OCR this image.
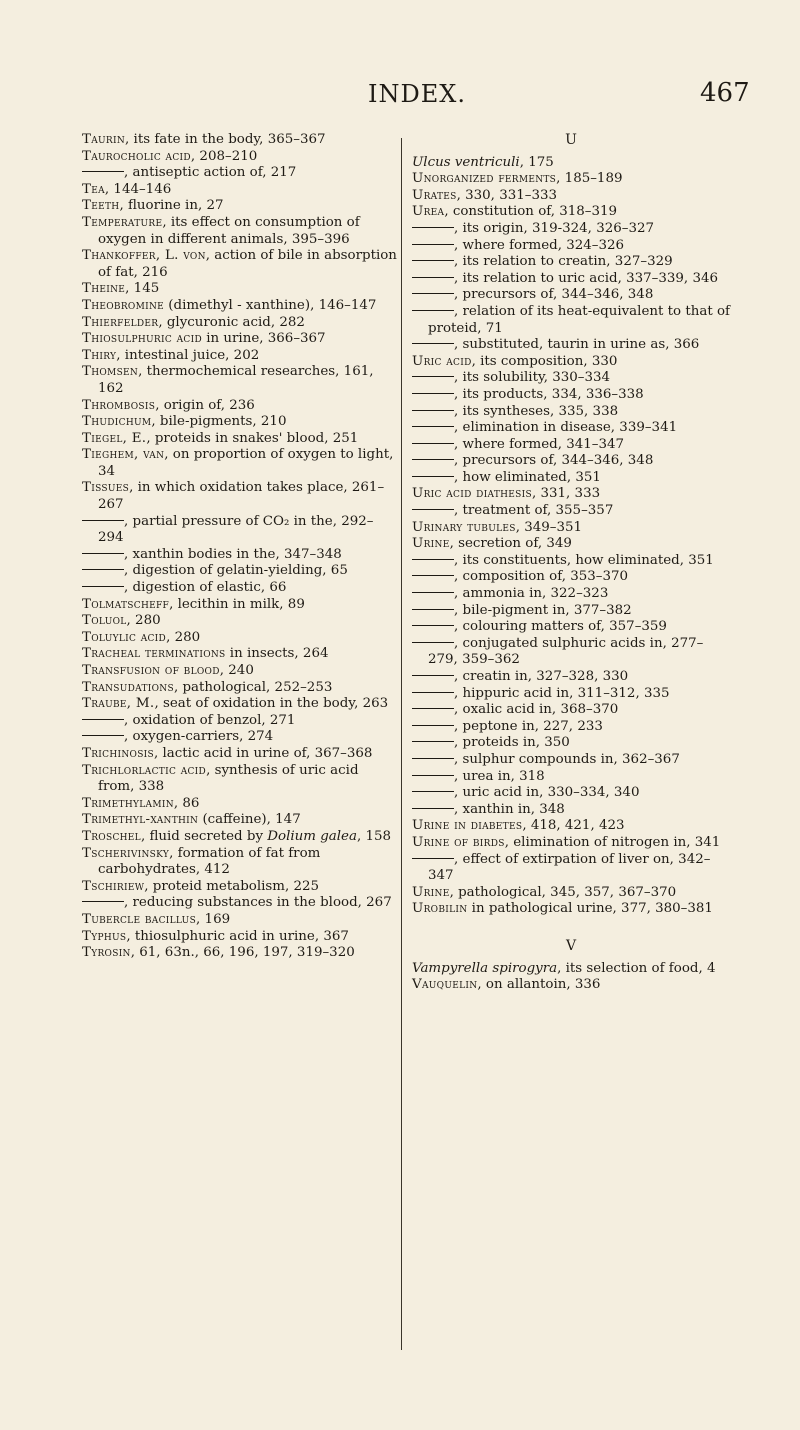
INDEX.	467

Taurin, its fate in the body, 365–367

Taurocholic acid, 208–210

, antiseptic action of, 217

Tea, 144–146

Teeth, fluorine in, 27

Temperature, its effect on consumption of oxygen in different animals, 395–396

Thankoffer, L. von, action of bile in absorption of fat, 216

Theine, 145

Theobromine (dimethyl - xanthine), 146–147

Thierfelder, glycuronic acid, 282

Thiosulphuric acid in urine, 366–367

Thiry, intestinal juice, 202

Thomsen, thermochemical researches, 161, 162

Thrombosis, origin of, 236

Thudichum, bile-pigments, 210

Tiegel, E., proteids in snakes' blood, 251

Tieghem, van, on proportion of oxygen to light, 34

Tissues, in which oxidation takes place, 261–267

, partial pressure of CO₂ in the, 292–294

, xanthin bodies in the, 347–348

, digestion of gelatin-yielding, 65

, digestion of elastic, 66

Tolmatscheff, lecithin in milk, 89

Toluol, 280

Toluylic acid, 280

Tracheal terminations in insects, 264

Transfusion of blood, 240

Transudations, pathological, 252–253

Traube, M., seat of oxidation in the body, 263

, oxidation of benzol, 271

, oxygen-carriers, 274

Trichinosis, lactic acid in urine of, 367–368

Trichlorlactic acid, synthesis of uric acid from, 338

Trimethylamin, 86

Trimethyl-xanthin (caffeine), 147

Troschel, fluid secreted by Dolium galea, 158

Tscherivinsky, formation of fat from carbohydrates, 412

Tschiriew, proteid metabolism, 225

, reducing substances in the blood, 267

Tubercle bacillus, 169

Typhus, thiosulphuric acid in urine, 367

Tyrosin, 61, 63n., 66, 196, 197, 319–320

U

Ulcus ventriculi, 175

Unorganized ferments, 185–189

Urates, 330, 331–333

Urea, constitution of, 318–319

, its origin, 319-324, 326–327

, where formed, 324–326

, its relation to creatin, 327–329

, its relation to uric acid, 337–339, 346

, precursors of, 344–346, 348

, relation of its heat-equivalent to that of proteid, 71

, substituted, taurin in urine as, 366

Uric acid, its composition, 330

, its solubility, 330–334

, its products, 334, 336–338

, its syntheses, 335, 338

, elimination in disease, 339–341

, where formed, 341–347

, precursors of, 344–346, 348

, how eliminated, 351

Uric acid diathesis, 331, 333

, treatment of, 355–357

Urinary tubules, 349–351

Urine, secretion of, 349

, its constituents, how eliminated, 351

, composition of, 353–370

, ammonia in, 322–323

, bile-pigment in, 377–382

, colouring matters of, 357–359

, conjugated sulphuric acids in, 277–279, 359–362

, creatin in, 327–328, 330

, hippuric acid in, 311–312, 335

, oxalic acid in, 368–370

, peptone in, 227, 233

, proteids in, 350

, sulphur compounds in, 362–367

, urea in, 318

, uric acid in, 330–334, 340

, xanthin in, 348

Urine in diabetes, 418, 421, 423

Urine of birds, elimination of nitrogen in, 341

, effect of extirpation of liver on, 342–347

Urine, pathological, 345, 357, 367–370

Urobilin in pathological urine, 377, 380–381

V

Vampyrella spirogyra, its selection of food, 4

Vauquelin, on allantoin, 336
